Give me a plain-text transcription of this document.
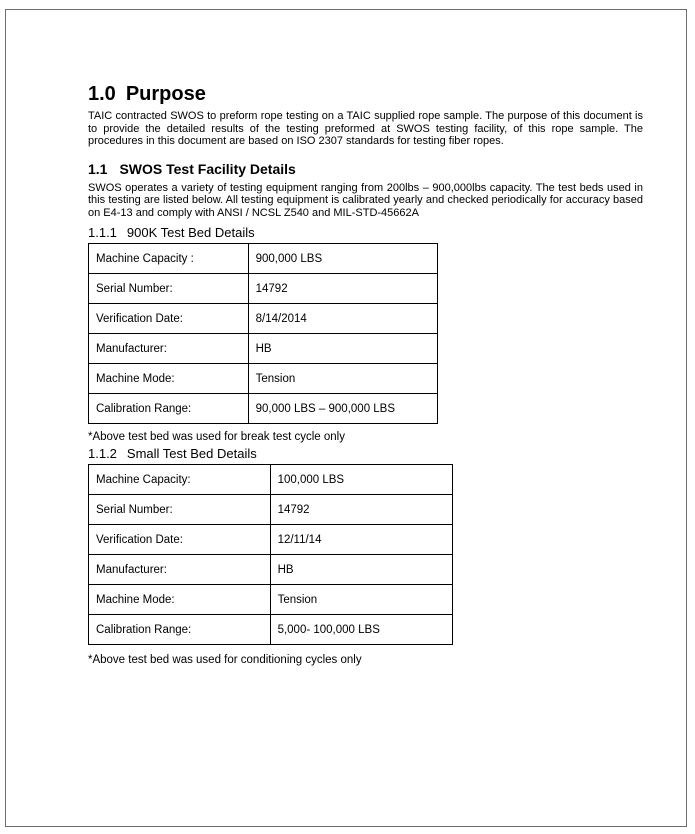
1.0 Purpose

TAIC contracted SWOS to preform rope testing on a TAIC supplied rope sample. The purpose of this document is to provide the detailed results of the testing preformed at SWOS testing facility, of this rope sample. The procedures in this document are based on ISO 2307 standards for testing fiber ropes.

1.1 SWOS Test Facility Details

SWOS operates a variety of testing equipment ranging from 200lbs – 900,000lbs capacity. The test beds used in this testing are listed below. All testing equipment is calibrated yearly and checked periodically for accuracy based on E4-13 and comply with ANSI / NCSL Z540 and MIL-STD-45662A

1.1.1 900K Test Bed Details
Machine Capacity :	900,000 LBS
Serial Number:	14792
Verification Date:	8/14/2014
Manufacturer:	HB
Machine Mode:	Tension
Calibration Range:	90,000 LBS – 900,000 LBS
*Above test bed was used for break test cycle only
1.1.2 Small Test Bed Details
Machine Capacity:	100,000 LBS
Serial Number:	14792
Verification Date:	12/11/14
Manufacturer:	HB
Machine Mode:	Tension
Calibration Range:	5,000- 100,000 LBS
*Above test bed was used for conditioning cycles only
